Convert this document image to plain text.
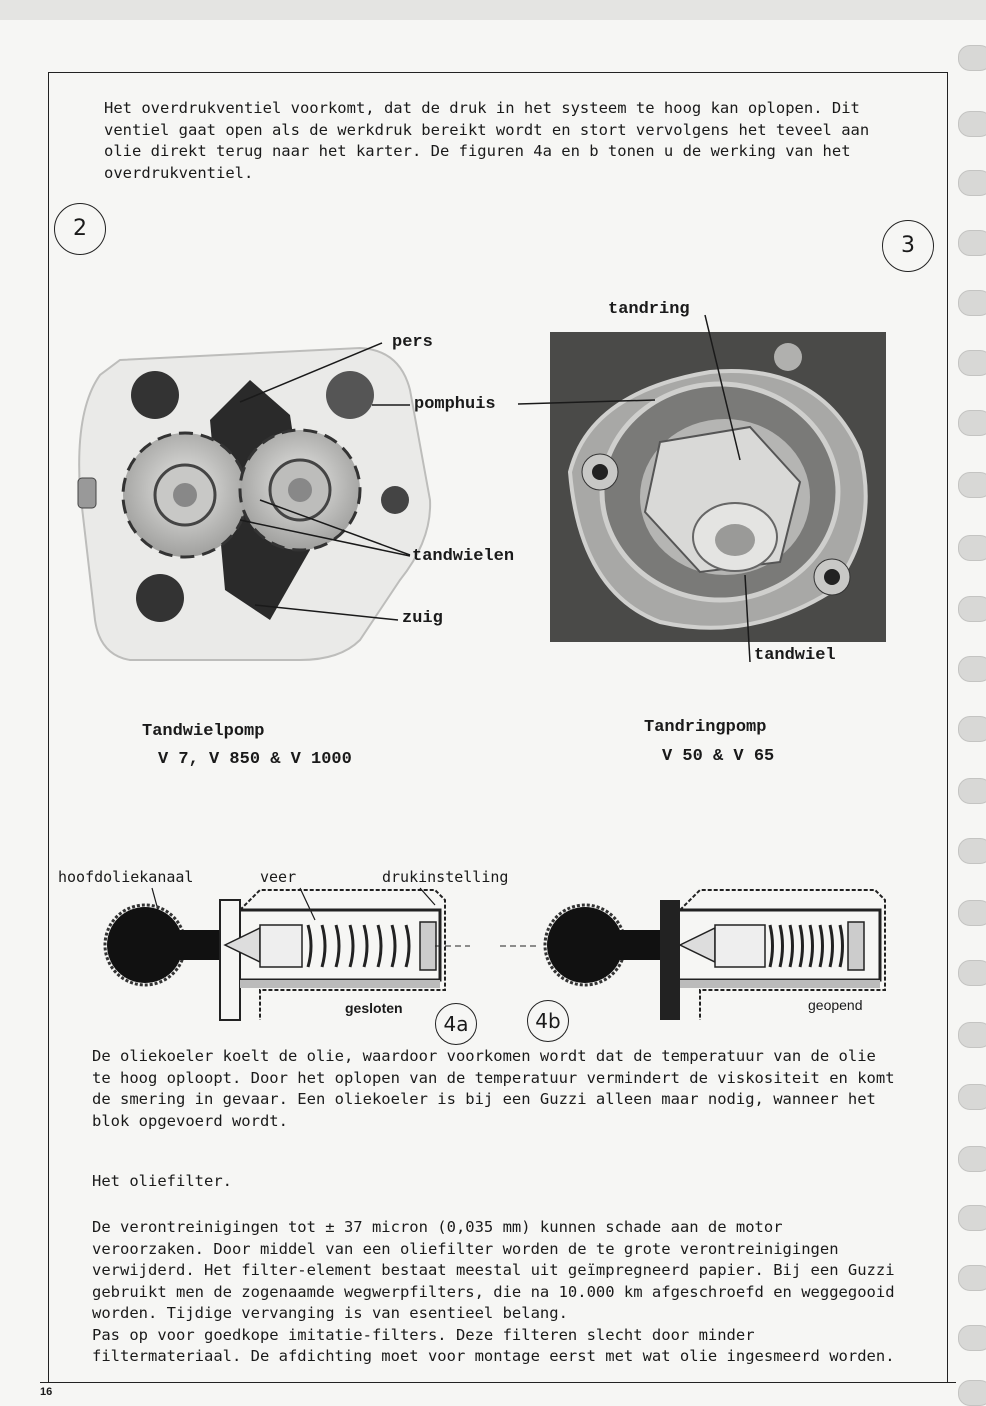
Het overdrukventiel voorkomt, dat de druk in het systeem te hoog kan oplopen. Dit
ventiel gaat open als de werkdruk bereikt wordt en stort vervolgens het teveel aan
olie direkt terug naar het karter. De figuren 4a en b tonen u de werking van het
overdrukventiel.
2
3
pers
pomphuis
tandwielen
zuig
tandring
tandwiel
Tandwielpomp
V 7, V 850 & V 1000
Tandringpomp
V 50 & V 65
hoofdoliekanaal	veer	drukinstelling
gesloten	geopend
4a	4b
De oliekoeler koelt de olie, waardoor voorkomen wordt dat de temperatuur van de olie
te hoog oploopt. Door het oplopen van de temperatuur vermindert de viskositeit en komt
de smering in gevaar. Een oliekoeler is bij een Guzzi alleen maar nodig, wanneer het
blok opgevoerd wordt.
Het oliefilter.
De verontreinigingen tot ± 37 micron (0,035 mm) kunnen schade aan de motor
veroorzaken. Door middel van een oliefilter worden de te grote verontreinigingen
verwijderd. Het filter-element bestaat meestal uit geïmpregneerd papier. Bij een Guzzi
gebruikt men de zogenaamde wegwerpfilters, die na 10.000 km afgeschroefd en weggegooid
worden. Tijdige vervanging is van esentieel belang.
Pas op voor goedkope imitatie-filters. Deze filteren slecht door minder
filtermateriaal. De afdichting moet voor montage eerst met wat olie ingesmeerd worden.
16
